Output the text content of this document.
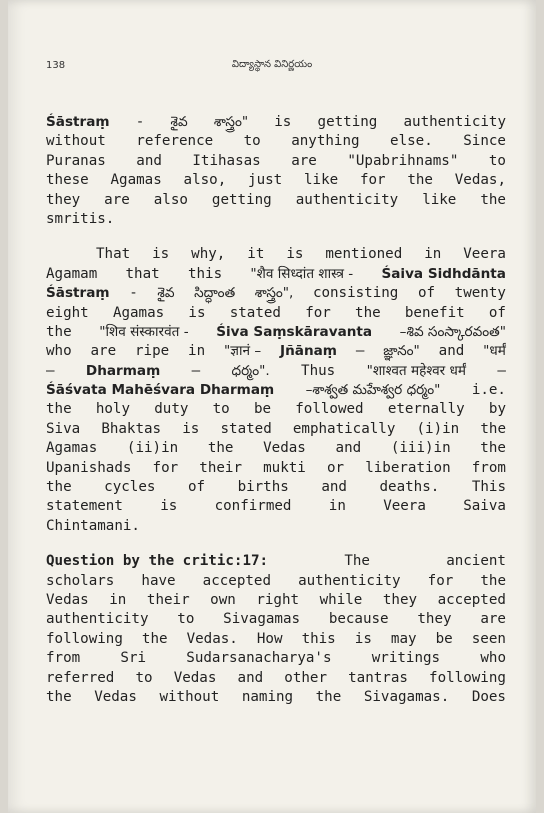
138	విద్యాస్థాన వినిర్ణయం
Śāstraṃ - శైవ శాస్త్రం" is getting authenticity
without reference to anything else. Since
Puranas and Itihasas are "Upabrihnams" to
these Agamas also, just like for the Vedas,
they are also getting authenticity like the
smritis.
That is why, it is mentioned in Veera
Agamam that this "शैव सिध्दांत शास्त्र - Śaiva Sidhdānta
Śāstraṃ - శైవ సిద్ధాంత శాస్త్రం", consisting of twenty
eight Agamas is stated for the benefit of
the "शिव संस्कारवंत - Śiva Saṃskāravanta –శివ సంస్కారవంత"
who are ripe in "ज्ञानं – Jñānaṃ – జ్ఞానం" and "धर्मं
– Dharmaṃ – ధర్మం". Thus "शाश्वत महेश्वर धर्मं –
Śāśvata Mahēśvara Dharmaṃ –శాశ్వత మహేశ్వర ధర్మం" i.e.
the holy duty to be followed eternally by
Siva Bhaktas is stated emphatically (i)in the
Agamas (ii)in the Vedas and (iii)in the
Upanishads for their mukti or liberation from
the cycles of births and deaths. This
statement	is	confirmed	in	Veera	Saiva
Chintamani.
Question by the critic:17:	The	ancient
scholars have accepted authenticity for the
Vedas in their own right while they accepted
authenticity to Sivagamas because they are
following the Vedas. How this is may be seen
from	Sri	Sudarsanacharya's	writings	who
referred to Vedas and other tantras following
the Vedas without naming the Sivagamas. Does
